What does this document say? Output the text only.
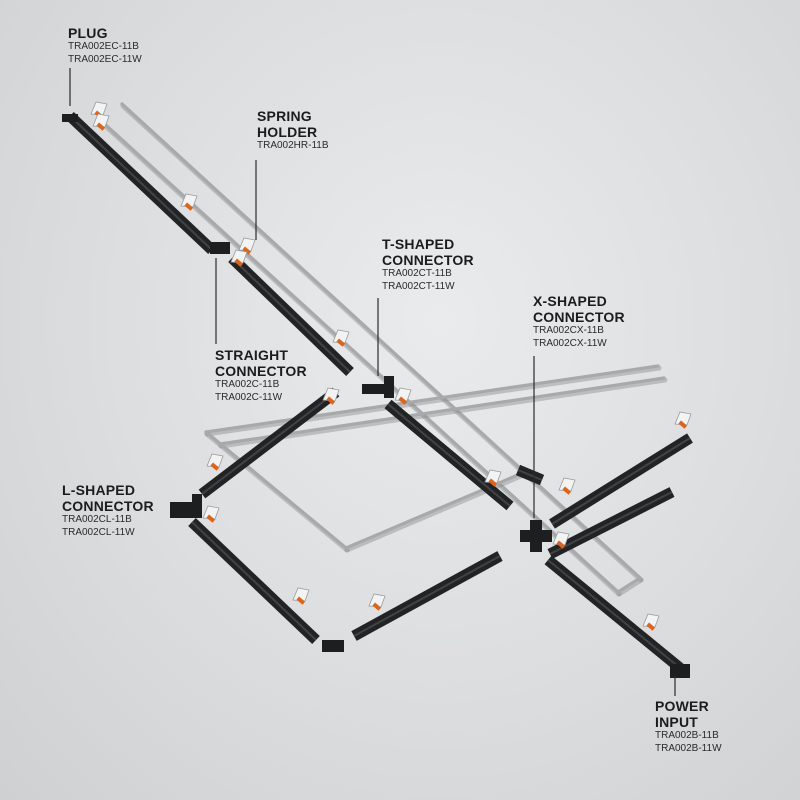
PLUG
TRA002EC-11B
TRA002EC-11W
SPRING
HOLDER
TRA002HR-11B
T-SHAPED
CONNECTOR
TRA002CT-11B
TRA002CT-11W
X-SHAPED
CONNECTOR
TRA002CX-11B
TRA002CX-11W
STRAIGHT
CONNECTOR
TRA002C-11B
TRA002C-11W
L-SHAPED
CONNECTOR
TRA002CL-11B
TRA002CL-11W
POWER
INPUT
TRA002B-11B
TRA002B-11W
